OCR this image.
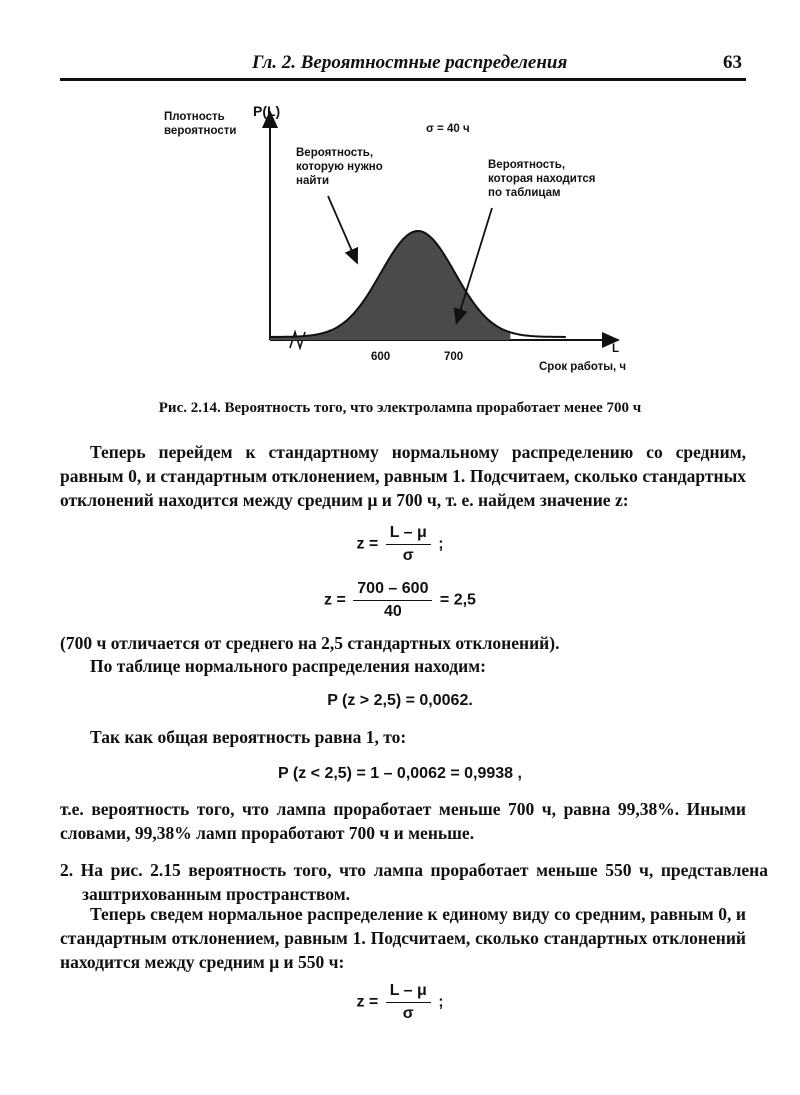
Гл. 2. Вероятностные распределения	63
Плотность
вероятности
P(L)
σ = 40 ч
Вероятность,
которую нужно
найти
Вероятность,
которая находится
по таблицам
600	700
L
Срок работы, ч
Рис. 2.14. Вероятность того, что электролампа проработает менее 700 ч
Теперь перейдем к стандартному нормальному распределению со средним, равным 0, и стандартным отклонением, равным 1. Подсчитаем, сколько стандартных отклонений находится между средним μ и 700 ч, т. е. найдем значение z:
$z = \frac{L - \mu}{\sigma}$ ;
$z = \frac{700 - 600}{40} = 2,5$
(700 ч отличается от среднего на 2,5 стандартных отклонений).
По таблице нормального распределения находим:
P (z > 2,5) = 0,0062.
Так как общая вероятность равна 1, то:
P (z < 2,5) = 1 – 0,0062 = 0,9938 ,
т.е. вероятность того, что лампа проработает меньше 700 ч, равна 99,38%. Иными словами, 99,38% ламп проработают 700 ч и меньше.
2. На рис. 2.15 вероятность того, что лампа проработает меньше 550 ч, представлена заштрихованным пространством.
Теперь сведем нормальное распределение к единому виду со средним, равным 0, и стандартным отклонением, равным 1. Подсчитаем, сколько стандартных отклонений находится между средним μ и 550 ч:
$z = \frac{L - \mu}{\sigma}$ ;
